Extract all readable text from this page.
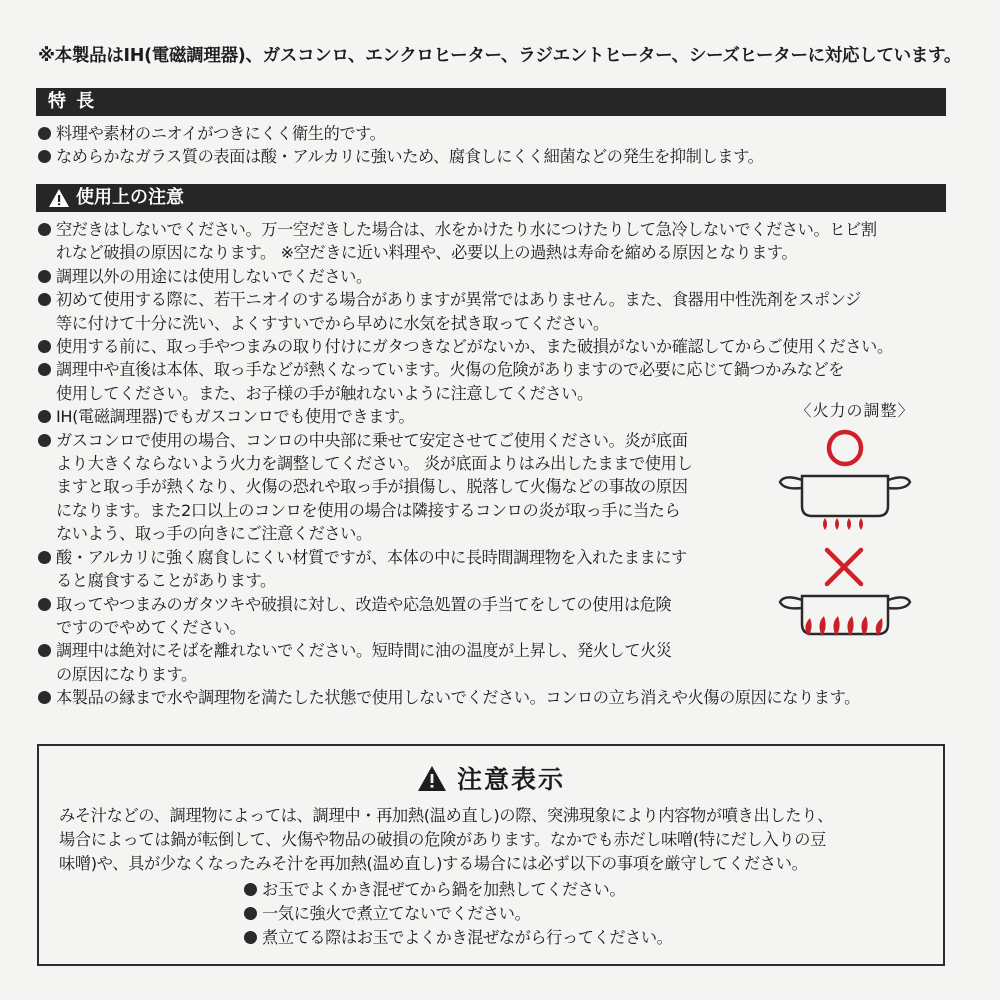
※本製品はIH(電磁調理器)、ガスコンロ、エンクロヒーター、ラジエントヒーター、シーズヒーターに対応しています。
特 長
料理や素材のニオイがつきにくく衛生的です。
なめらかなガラス質の表面は酸・アルカリに強いため、腐食しにくく細菌などの発生を抑制します。
使用上の注意
空だきはしないでください。万一空だきした場合は、水をかけたり水につけたりして急冷しないでください。ヒビ割
れなど破損の原因になります。 ※空だきに近い料理や、必要以上の過熱は寿命を縮める原因となります。
調理以外の用途には使用しないでください。
初めて使用する際に、若干ニオイのする場合がありますが異常ではありません。また、食器用中性洗剤をスポンジ
等に付けて十分に洗い、よくすすいでから早めに水気を拭き取ってください。
使用する前に、取っ手やつまみの取り付けにガタつきなどがないか、また破損がないか確認してからご使用ください。
調理中や直後は本体、取っ手などが熱くなっています。火傷の危険がありますので必要に応じて鍋つかみなどを
使用してください。また、お子様の手が触れないように注意してください。
IH(電磁調理器)でもガスコンロでも使用できます。
ガスコンロで使用の場合、コンロの中央部に乗せて安定させてご使用ください。炎が底面
より大きくならないよう火力を調整してください。 炎が底面よりはみ出したままで使用し
ますと取っ手が熱くなり、火傷の恐れや取っ手が損傷し、脱落して火傷などの事故の原因
になります。また2口以上のコンロを使用の場合は隣接するコンロの炎が取っ手に当たら
ないよう、取っ手の向きにご注意ください。
酸・アルカリに強く腐食しにくい材質ですが、本体の中に長時間調理物を入れたままにす
ると腐食することがあります。
取ってやつまみのガタツキや破損に対し、改造や応急処置の手当てをしての使用は危険
ですのでやめてください。
調理中は絶対にそばを離れないでください。短時間に油の温度が上昇し、発火して火災
の原因になります。
本製品の縁まで水や調理物を満たした状態で使用しないでください。コンロの立ち消えや火傷の原因になります。
〈火力の調整〉
注意表示
みそ汁などの、調理物によっては、調理中・再加熱(温め直し)の際、突沸現象により内容物が噴き出したり、
場合によっては鍋が転倒して、火傷や物品の破損の危険があります。なかでも赤だし味噌(特にだし入りの豆
味噌)や、具が少なくなったみそ汁を再加熱(温め直し)する場合には必ず以下の事項を厳守してください。
お玉でよくかき混ぜてから鍋を加熱してください。
一気に強火で煮立てないでください。
煮立てる際はお玉でよくかき混ぜながら行ってください。
